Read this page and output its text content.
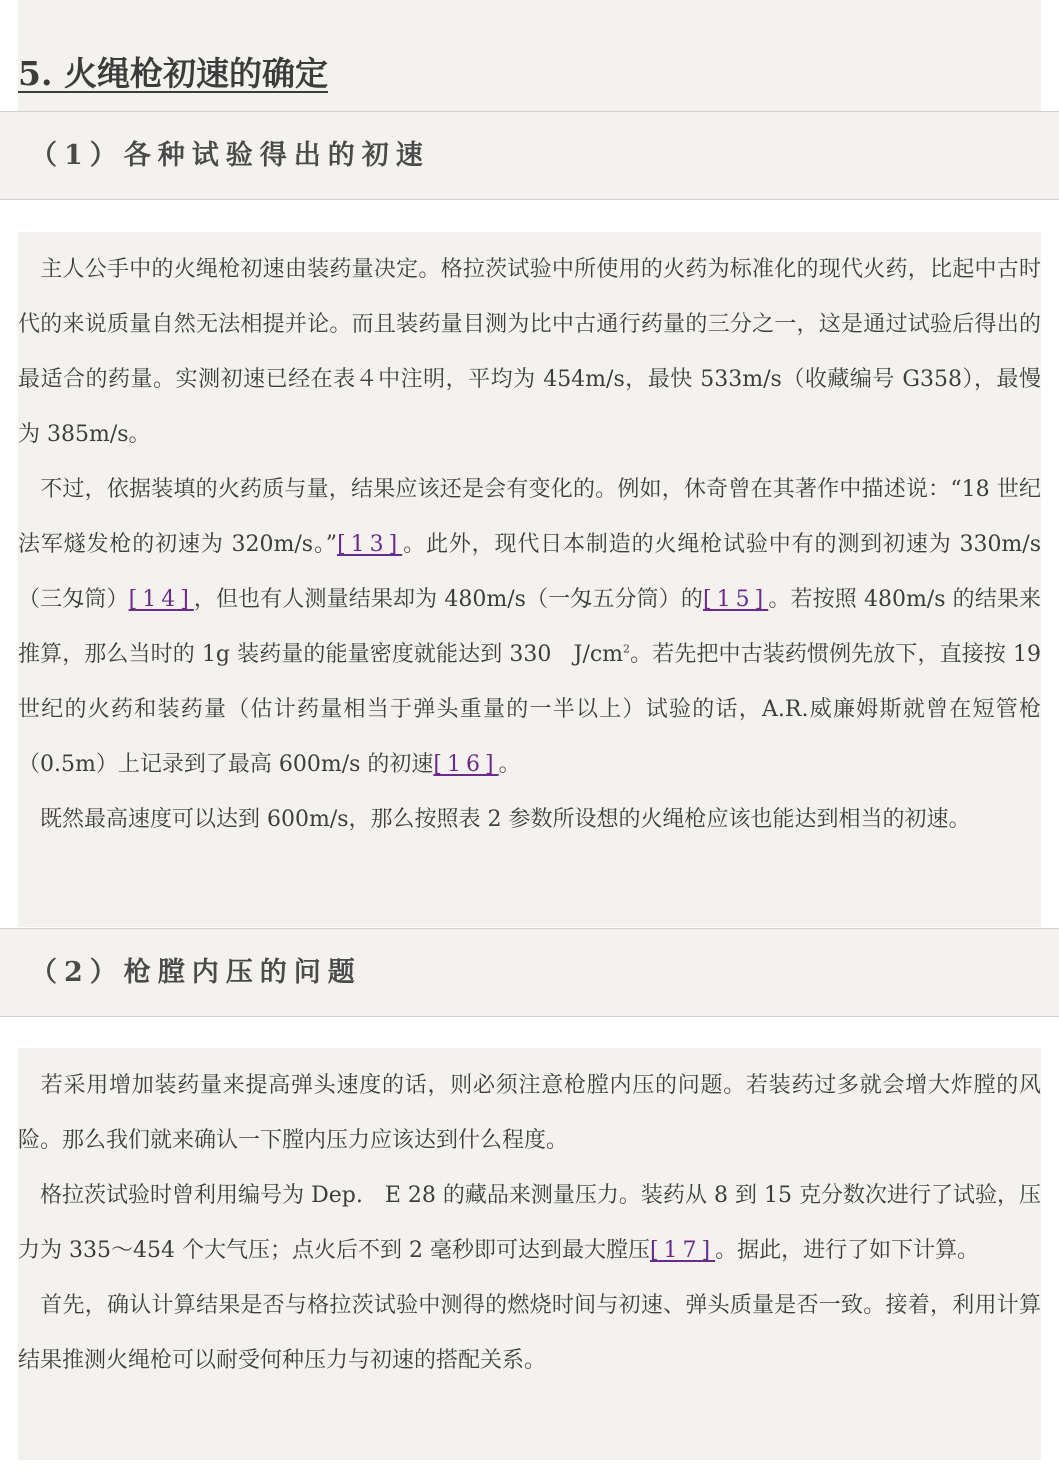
5. 火绳枪初速的确定
（1）各种试验得出的初速

　主人公手中的火绳枪初速由装药量决定。格拉茨试验中所使用的火药为标准化的现代火药，比起中古时代的来说质量自然无法相提并论。而且装药量目测为比中古通行药量的三分之一，这是通过试验后得出的最适合的药量。实测初速已经在表４中注明，平均为 454m/s，最快 533m/s（收藏编号 G358），最慢为 385m/s。

　不过，依据装填的火药质与量，结果应该还是会有变化的。例如，休奇曾在其著作中描述说：“18 世纪法军燧发枪的初速为 320m/s。”[13]。此外，现代日本制造的火绳枪试验中有的测到初速为 330m/s（三匁筒）[14]，但也有人测量结果却为 480m/s（一匁五分筒）的[15]。若按照 480m/s 的结果来推算，那么当时的 1g 装药量的能量密度就能达到 330　$J/cm^2$。若先把中古装药惯例先放下，直接按 19 世纪的火药和装药量（估计药量相当于弹头重量的一半以上）试验的话，A.R.威廉姆斯就曾在短管枪（0.5m）上记录到了最高 600m/s 的初速[16]。

　既然最高速度可以达到 600m/s，那么按照表 2 参数所设想的火绳枪应该也能达到相当的初速。

（2）枪膛内压的问题

　若采用增加装药量来提高弹头速度的话，则必须注意枪膛内压的问题。若装药过多就会增大炸膛的风险。那么我们就来确认一下膛内压力应该达到什么程度。

　格拉茨试验时曾利用编号为 Dep.　E 28 的藏品来测量压力。装药从 8 到 15 克分数次进行了试验，压力为 335～454 个大气压；点火后不到 2 毫秒即可达到最大膛压[17]。据此，进行了如下计算。

　首先，确认计算结果是否与格拉茨试验中测得的燃烧时间与初速、弹头质量是否一致。接着，利用计算结果推测火绳枪可以耐受何种压力与初速的搭配关系。
